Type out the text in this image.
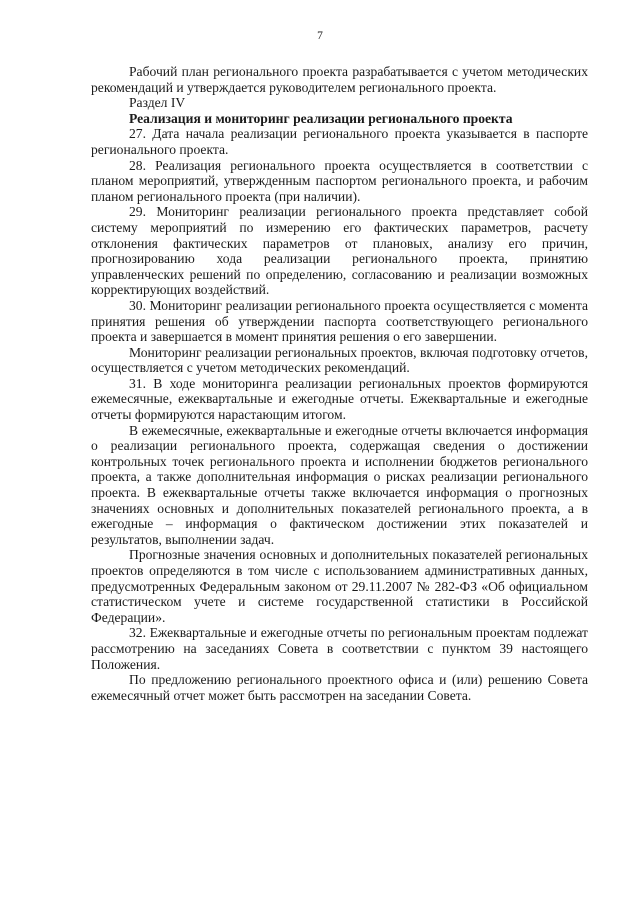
7

Рабочий план регионального проекта разрабатывается с учетом методических рекомендаций и утверждается руководителем регионального проекта.

Раздел IV

Реализация и мониторинг реализации регионального проекта

27. Дата начала реализации регионального проекта указывается в паспорте регионального проекта.

28. Реализация регионального проекта осуществляется в соответствии с планом мероприятий, утвержденным паспортом регионального проекта, и рабочим планом регионального проекта (при наличии).

29. Мониторинг реализации регионального проекта представляет собой систему мероприятий по измерению его фактических параметров, расчету отклонения фактических параметров от плановых, анализу его причин, прогнозированию хода реализации регионального проекта, принятию управленческих решений по определению, согласованию и реализации возможных корректирующих воздействий.

30. Мониторинг реализации регионального проекта осуществляется с момента принятия решения об утверждении паспорта соответствующего регионального проекта и завершается в момент принятия решения о его завершении.

Мониторинг реализации региональных проектов, включая подготовку отчетов, осуществляется с учетом методических рекомендаций.

31. В ходе мониторинга реализации региональных проектов формируются ежемесячные, ежеквартальные и ежегодные отчеты. Ежеквартальные и ежегодные отчеты формируются нарастающим итогом.

В ежемесячные, ежеквартальные и ежегодные отчеты включается информация о реализации регионального проекта, содержащая сведения о достижении контрольных точек регионального проекта и исполнении бюджетов регионального проекта, а также дополнительная информация о рисках реализации регионального проекта. В ежеквартальные отчеты также включается информация о прогнозных значениях основных и дополнительных показателей регионального проекта, а в ежегодные – информация о фактическом достижении этих показателей и результатов, выполнении задач.

Прогнозные значения основных и дополнительных показателей региональных проектов определяются в том числе с использованием административных данных, предусмотренных Федеральным законом от 29.11.2007 № 282-ФЗ «Об официальном статистическом учете и системе государственной статистики в Российской Федерации».

32. Ежеквартальные и ежегодные отчеты по региональным проектам подлежат рассмотрению на заседаниях Совета в соответствии с пунктом 39 настоящего Положения.

По предложению регионального проектного офиса и (или) решению Совета ежемесячный отчет может быть рассмотрен на заседании Совета.
